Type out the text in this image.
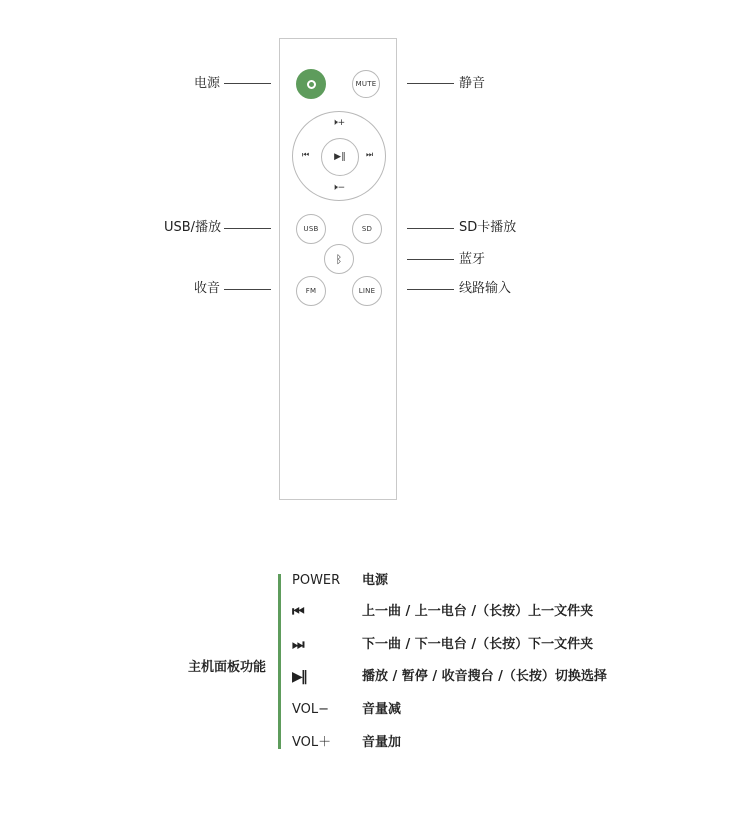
MUTE
🕨+
⏮	⏭
🕨−
▶‖
USB	SD
ᛒ
FM	LINE
电源
USB/播放
收音
静音
SD卡播放
蓝牙
线路输入
主机面板功能
POWER 电源
⏮	上一曲 / 上一电台 /（长按）上一文件夹
⏭	下一曲 / 下一电台 /（长按）下一文件夹
▶‖	播放 / 暂停 / 收音搜台 /（长按）切换选择
VOL−	音量减
VOL＋ 音量加
